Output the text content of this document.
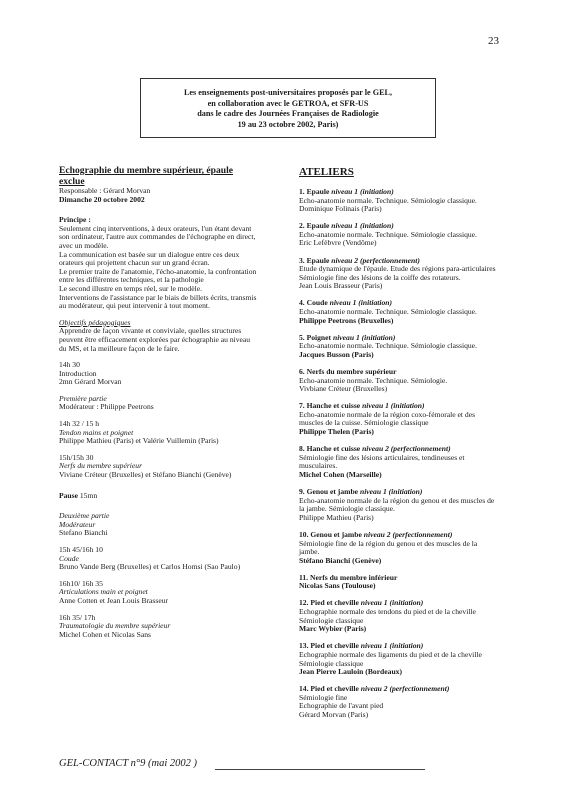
23
Les enseignements post-universitaires proposés par le GEL,
en collaboration avec le GETROA, et SFR-US
dans le cadre des Journées Françaises de Radiologie
19 au 23 octobre 2002, Paris)
Echographie du membre supérieur, épaule
exclue
Responsable : Gérard Morvan
Dimanche 20 octobre 2002
Principe :
Seulement cinq interventions, à deux orateurs, l'un étant devant
son ordinateur, l'autre aux commandes de l'échographe en direct,
avec un modèle.
La communication est basée sur un dialogue entre ces deux
orateurs qui projettent chacun sur un grand écran.
Le premier traite de l'anatomie, l'écho-anatomie, la confrontation
entre les différentes techniques, et la pathologie
Le second illustre en temps réel, sur le modèle.
Interventions de l'assistance par le biais de billets écrits, transmis
au modérateur, qui peut intervenir à tout moment.
Objectifs pédagogiques
Apprendre de façon vivante et conviviale, quelles structures
peuvent être efficacement explorées par échographie au niveau
du MS, et la meilleure façon de le faire.
14h 30
Introduction
2mn Gérard Morvan
Première partie
Modérateur : Philippe Peetrons
14h 32 / 15 h
Tendon mains et poignet
Philippe Mathieu (Paris) et Valérie Vuillemin (Paris)
15h/15h 30
Nerfs du membre supérieur
Viviane Créteur (Bruxelles) et Stéfano Bianchi (Genève)
Pause 15mn
Deuxième partie
Modérateur
Stefano Bianchi
15h 45/16h 10
Coude
Bruno Vande Berg (Bruxelles) et Carlos Homsi (Sao Paulo)
16h10/ 16h 35
Articulations main et poignet
Anne Cotten et Jean Louis Brasseur
16h 35/ 17h
Traumatologie du membre supérieur
Michel Cohen et Nicolas Sans
ATELIERS
1. Epaule niveau 1 (initiation)
Echo-anatomie normale. Technique. Sémiologie classique.
Dominique Folinais (Paris)
2. Epaule niveau 1 (initiation)
Echo-anatomie normale. Technique. Sémiologie classique.
Eric Lefèbvre (Vendôme)
3. Epaule niveau 2 (perfectionnement)
Etude dynamique de l'épaule. Etude des régions para-articulaires
Sémiologie fine des lésions de la coiffe des rotateurs.
Jean Louis Brasseur (Paris)
4. Coude niveau 1 (initiation)
Echo-anatomie normale. Technique. Sémiologie classique.
Philippe Peetrons (Bruxelles)
5. Poignet niveau 1 (initiation)
Echo-anatomie normale. Technique. Sémiologie classique.
Jacques Busson (Paris)
6. Nerfs du membre supérieur
Echo-anatomie normale. Technique. Sémiologie.
Vivbiane Créteur (Bruxelles)
7. Hanche et cuisse niveau 1 (initiation)
Echo-anatomie normale de la région coxo-fémorale et des
muscles de la cuisse. Sémiologie classique
Philippe Thelen (Paris)
8. Hanche et cuisse niveau 2 (perfectionnement)
Sémiologie fine des lésions articulaires, tendineuses et
musculaires.
Michel Cohen (Marseille)
9. Genou et jambe niveau 1 (initiation)
Echo-anatomie normale de la région du genou et des muscles de
la jambe. Sémiologie classique.
Philippe Mathieu (Paris)
10. Genou et jambe niveau 2 (perfectionnement)
Sémiologie fine de la région du genou et des muscles de la
jambe.
Stéfano Bianchi (Genève)
11. Nerfs du membre inférieur
Nicolas Sans (Toulouse)
12. Pied et cheville niveau 1 (initiation)
Echographie normale des tendons du pied et de la cheville
Sémiologie classique
Marc Wybier (Paris)
13. Pied et cheville niveau 1 (initiation)
Echographie normale des ligaments du pied et de la cheville
Sémiologie classique
Jean Pierre Lauloin (Bordeaux)
14. Pied et cheville niveau 2 (perfectionnement)
Sémiologie fine
Echographie de l'avant pied
Gérard Morvan (Paris)
GEL-CONTACT n°9 (mai 2002 )
